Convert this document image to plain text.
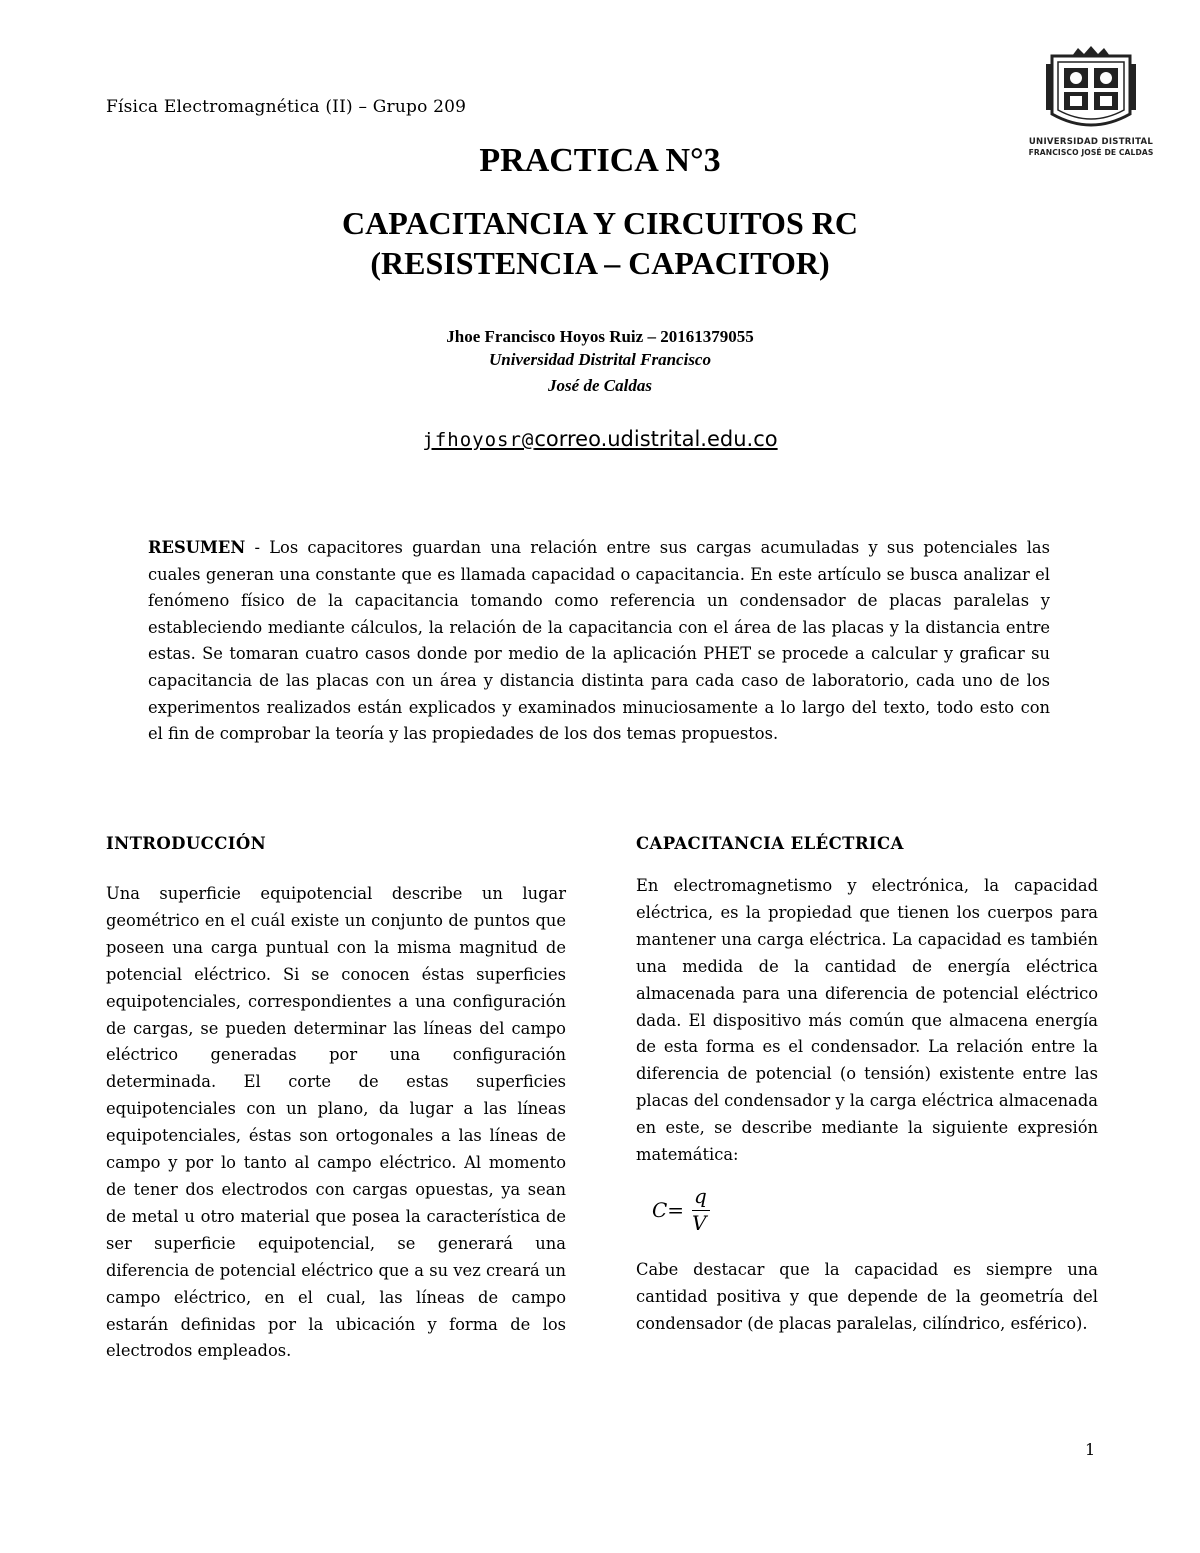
Física Electromagnética (II) – Grupo 209
UNIVERSIDAD DISTRITAL
FRANCISCO JOSÉ DE CALDAS
PRACTICA N°3
CAPACITANCIA Y CIRCUITOS RC
(RESISTENCIA – CAPACITOR)
Jhoe Francisco Hoyos Ruiz – 20161379055
Universidad Distrital Francisco
José de Caldas
jfhoyosr@correo.udistrital.edu.co
RESUMEN - Los capacitores guardan una relación entre sus cargas acumuladas y sus potenciales las cuales generan una constante que es llamada capacidad o capacitancia. En este artículo se busca analizar el fenómeno físico de la capacitancia tomando como referencia un condensador de placas paralelas y estableciendo mediante cálculos, la relación de la capacitancia con el área de las placas y la distancia entre estas. Se tomaran cuatro casos donde por medio de la aplicación PHET se procede a calcular y graficar su capacitancia de las placas con un área y distancia distinta para cada caso de laboratorio, cada uno de los experimentos realizados están explicados y examinados minuciosamente a lo largo del texto, todo esto con el fin de comprobar la teoría y las propiedades de los dos temas propuestos.
INTRODUCCIÓN
Una superficie equipotencial describe un lugar geométrico en el cuál existe un conjunto de puntos que poseen una carga puntual con la misma magnitud de potencial eléctrico. Si se conocen éstas superficies equipotenciales, correspondientes a una configuración de cargas, se pueden determinar las líneas del campo eléctrico generadas por una configuración determinada. El corte de estas superficies equipotenciales con un plano, da lugar a las líneas equipotenciales, éstas son ortogonales a las líneas de campo y por lo tanto al campo eléctrico. Al momento de tener dos electrodos con cargas opuestas, ya sean de metal u otro material que posea la característica de ser superficie equipotencial, se generará una diferencia de potencial eléctrico que a su vez creará un campo eléctrico, en el cual, las líneas de campo estarán definidas por la ubicación y forma de los electrodos empleados.
CAPACITANCIA ELÉCTRICA
En electromagnetismo y electrónica, la capacidad eléctrica, es la propiedad que tienen los cuerpos para mantener una carga eléctrica. La capacidad es también una medida de la cantidad de energía eléctrica almacenada para una diferencia de potencial eléctrico dada. El dispositivo más común que almacena energía de esta forma es el condensador. La relación entre la diferencia de potencial (o tensión) existente entre las placas del condensador y la carga eléctrica almacenada en este, se describe mediante la siguiente expresión matemática:
C=
q
V
Cabe destacar que la capacidad es siempre una cantidad positiva y que depende de la geometría del condensador (de placas paralelas, cilíndrico, esférico).
1
